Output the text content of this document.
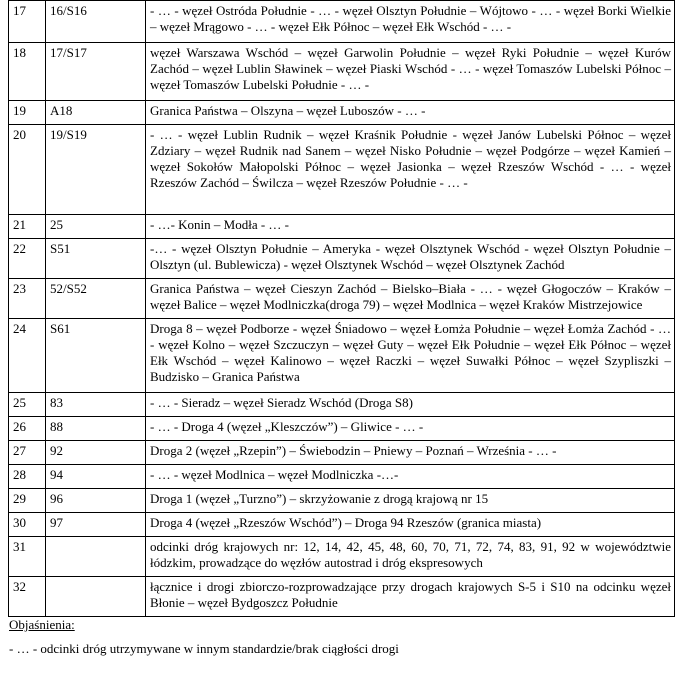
17	16/S16	- … - węzeł Ostróda Południe - … - węzeł Olsztyn Południe – Wójtowo - … - węzeł Borki Wielkie – węzeł Mrągowo - … - węzeł Ełk Północ – węzeł Ełk Wschód - … -
18	17/S17	węzeł Warszawa Wschód – węzeł Garwolin Południe – węzeł Ryki Południe – węzeł Kurów Zachód – węzeł Lublin Sławinek – węzeł Piaski Wschód - … - węzeł Tomaszów Lubelski Północ – węzeł Tomaszów Lubelski Południe - … -
19	A18	Granica Państwa – Olszyna – węzeł Luboszów - … -
20	19/S19	- … - węzeł Lublin Rudnik – węzeł Kraśnik Południe - węzeł Janów Lubelski Północ – węzeł Zdziary – węzeł Rudnik nad Sanem – węzeł Nisko Południe – węzeł Podgórze – węzeł Kamień – węzeł Sokołów Małopolski Północ – węzeł Jasionka – węzeł Rzeszów Wschód - … - węzeł Rzeszów Zachód – Świlcza – węzeł Rzeszów Południe - … -
21	25	- …- Konin – Modła - … -
22	S51	-… - węzeł Olsztyn Południe – Ameryka - węzeł Olsztynek Wschód - węzeł Olsztyn Południe – Olsztyn (ul. Bublewicza) - węzeł Olsztynek Wschód – węzeł Olsztynek Zachód
23	52/S52	Granica Państwa – węzeł Cieszyn Zachód – Bielsko–Biała - … - węzeł Głogoczów – Kraków – węzeł Balice – węzeł Modlniczka(droga 79) – węzeł Modlnica – węzeł Kraków Mistrzejowice
24	S61	Droga 8 – węzeł Podborze - węzeł Śniadowo – węzeł Łomża Południe – węzeł Łomża Zachód - … - węzeł Kolno – węzeł Szczuczyn – węzeł Guty – węzeł Ełk Południe – węzeł Ełk Północ – węzeł Ełk Wschód – węzeł Kalinowo – węzeł Raczki – węzeł Suwałki Północ – węzeł Szypliszki – Budzisko – Granica Państwa
25	83	- … - Sieradz – węzeł Sieradz Wschód (Droga S8)
26	88	- … - Droga 4 (węzeł „Kleszczów”) – Gliwice - … -
27	92	Droga 2 (węzeł „Rzepin”) – Świebodzin – Pniewy – Poznań – Września - … -
28	94	- … - węzeł Modlnica – węzeł Modlniczka -…-
29	96	Droga 1 (węzeł „Turzno”) – skrzyżowanie z drogą krajową nr 15
30	97	Droga 4 (węzeł „Rzeszów Wschód”) – Droga 94 Rzeszów (granica miasta)
31		odcinki dróg krajowych nr: 12, 14, 42, 45, 48, 60, 70, 71, 72, 74, 83, 91, 92 w województwie łódzkim, prowadzące do węzłów autostrad i dróg ekspresowych
32		łącznice i drogi zbiorczo-rozprowadzające przy drogach krajowych S-5 i S10 na odcinku węzeł Błonie – węzeł Bydgoszcz Południe
Objaśnienia:
- … - odcinki dróg utrzymywane w innym standardzie/brak ciągłości drogi
